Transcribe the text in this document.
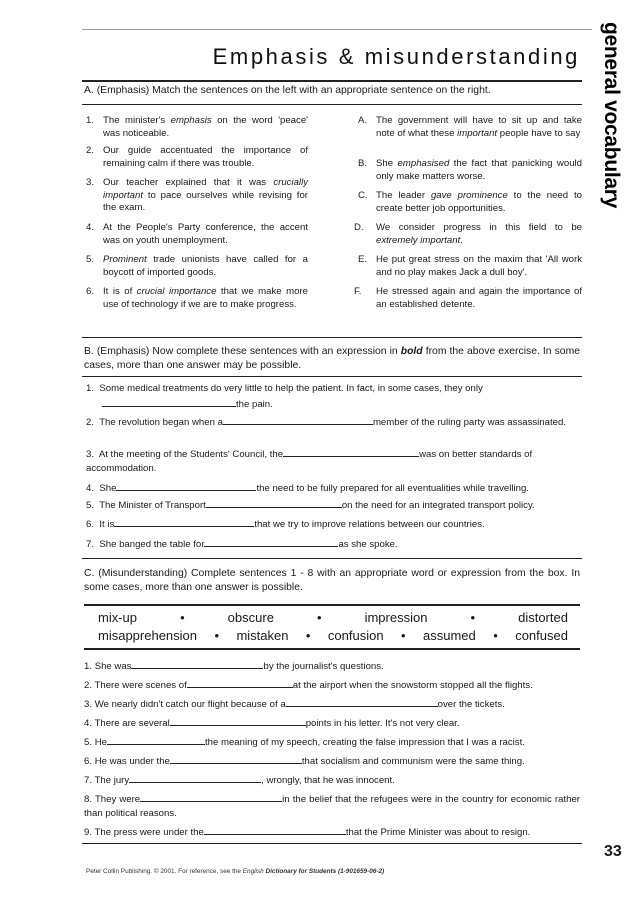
Emphasis & misunderstanding general vocabulary
A. (Emphasis) Match the sentences on the left with an appropriate sentence on the right.
1. The minister's emphasis on the word 'peace' was noticeable.
2. Our guide accentuated the importance of remaining calm if there was trouble.
3. Our teacher explained that it was crucially important to pace ourselves while revising for the exam.
4. At the People's Party conference, the accent was on youth unemployment.
5. Prominent trade unionists have called for a boycott of imported goods.
6. It is of crucial importance that we make more use of technology if we are to make progress.
A. The government will have to sit up and take note of what these important people have to say
B. She emphasised the fact that panicking would only make matters worse.
C. The leader gave prominence to the need to create better job opportunities.
D. We consider progress in this field to be extremely important.
E. He put great stress on the maxim that 'All work and no play makes Jack a dull boy'.
F. He stressed again and again the importance of an established detente.
B. (Emphasis) Now complete these sentences with an expression in bold from the above exercise. In some cases, more than one answer may be possible.
1. Some medical treatments do very little to help the patient. In fact, in some cases, they only
the pain.
2. The revolution began when a	member of the ruling party was assassinated.
3. At the meeting of the Students' Council, the	was on better standards of accommodation.
4. She	the need to be fully prepared for all eventualities while travelling.
5. The Minister of Transport	on the need for an integrated transport policy.
6. It is	that we try to improve relations between our countries.
7. She banged the table for	as she spoke.
C. (Misunderstanding) Complete sentences 1 - 8 with an appropriate word or expression from the box. In some cases, more than one answer is possible.
mix-up	•	obscure	•	impression	•	distorted
misapprehension • mistaken • confusion • assumed • confused
1. She was	by the journalist's questions.
2. There were scenes of	at the airport when the snowstorm stopped all the flights.
3. We nearly didn't catch our flight because of a	over the tickets.
4. There are several	points in his letter. It's not very clear.
5. He	the meaning of my speech, creating the false impression that I was a racist.
6. He was under the	that socialism and communism were the same thing.
7. The jury	, wrongly, that he was innocent.
8. They were	in the belief that the refugees were in the country for economic rather than political reasons.
9. The press were under the	that the Prime Minister was about to resign.
33
Peter Collin Publishing. © 2001. For reference, see the English Dictionary for Students (1-901659-06-2)
